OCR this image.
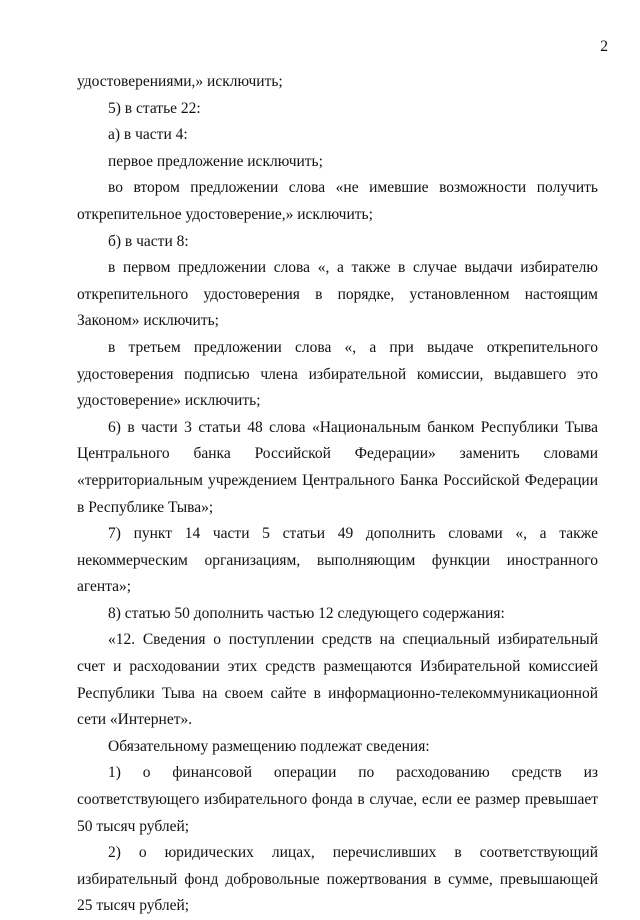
2

удостоверениями,» исключить;

5) в статье 22:

а) в части 4:

первое предложение исключить;

во втором предложении слова «не имевшие возможности получить открепительное удостоверение,» исключить;

б) в части 8:

в первом предложении слова «, а также в случае выдачи избирателю открепительного удостоверения в порядке, установленном настоящим Законом» исключить;

в третьем предложении слова «, а при выдаче открепительного удостоверения подписью члена избирательной комиссии, выдавшего это удостоверение» исключить;

6) в части 3 статьи 48 слова «Национальным банком Республики Тыва Центрального банка Российской Федерации» заменить словами «территориальным учреждением Центрального Банка Российской Федерации в Республике Тыва»;

7) пункт 14 части 5 статьи 49 дополнить словами «, а также некоммерческим организациям, выполняющим функции иностранного агента»;

8) статью 50 дополнить частью 12 следующего содержания:

«12. Сведения о поступлении средств на специальный избирательный счет и расходовании этих средств размещаются Избирательной комиссией Республики Тыва на своем сайте в информационно-телекоммуникационной сети «Интернет».

Обязательному размещению подлежат сведения:

1) о финансовой операции по расходованию средств из соответствующего избирательного фонда в случае, если ее размер превышает 50 тысяч рублей;

2) о юридических лицах, перечисливших в соответствующий избирательный фонд добровольные пожертвования в сумме, превышающей 25 тысяч рублей;
